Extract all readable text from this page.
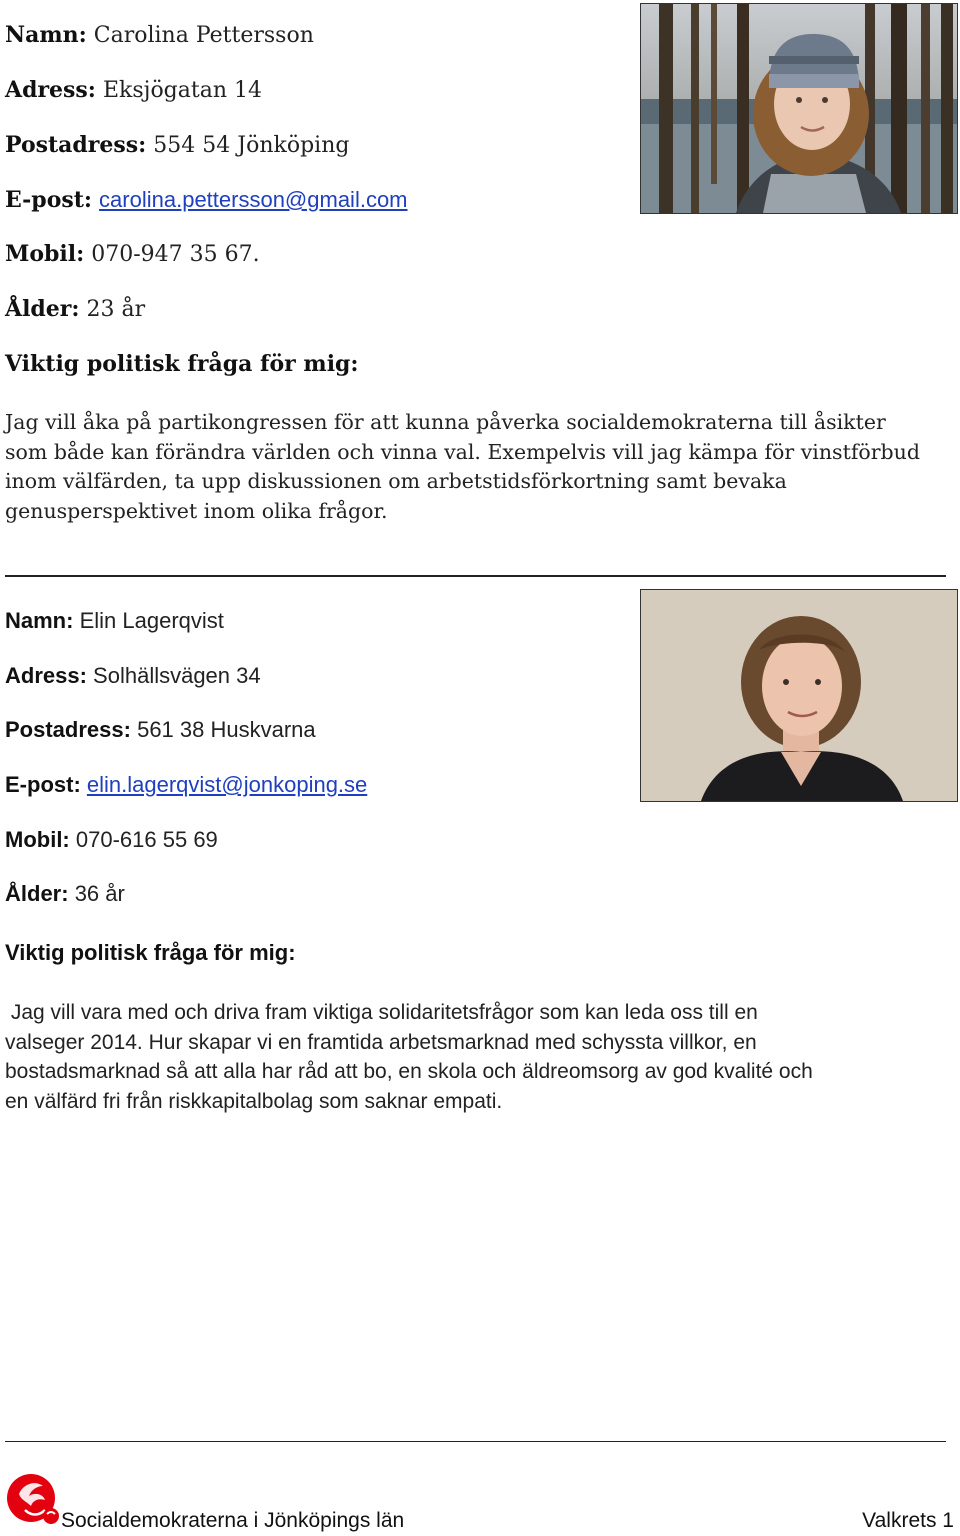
Namn: Carolina Pettersson

Adress: Eksjögatan 14

Postadress: 554 54 Jönköping

E-post: carolina.pettersson@gmail.com

Mobil: 070-947 35 67.

Ålder: 23 år

Viktig politisk fråga för mig:

Jag vill åka på partikongressen för att kunna påverka socialdemokraterna till åsikter
som både kan förändra världen och vinna val. Exempelvis vill jag kämpa för vinstförbud
inom välfärden, ta upp diskussionen om arbetstidsförkortning samt bevaka
genusperspektivet inom olika frågor.

Namn: Elin Lagerqvist

Adress: Solhällsvägen 34

Postadress: 561 38 Huskvarna

E-post: elin.lagerqvist@jonkoping.se

Mobil: 070-616 55 69

Ålder: 36 år

Viktig politisk fråga för mig:

Jag vill vara med och driva fram viktiga solidaritetsfrågor som kan leda oss till en
valseger 2014. Hur skapar vi en framtida arbetsmarknad med schyssta villkor, en
bostadsmarknad så att alla har råd att bo, en skola och äldreomsorg av god kvalité och
en välfärd fri från riskkapitalbolag som saknar empati.
Socialdemokraterna i Jönköpings län	Valkrets 1
